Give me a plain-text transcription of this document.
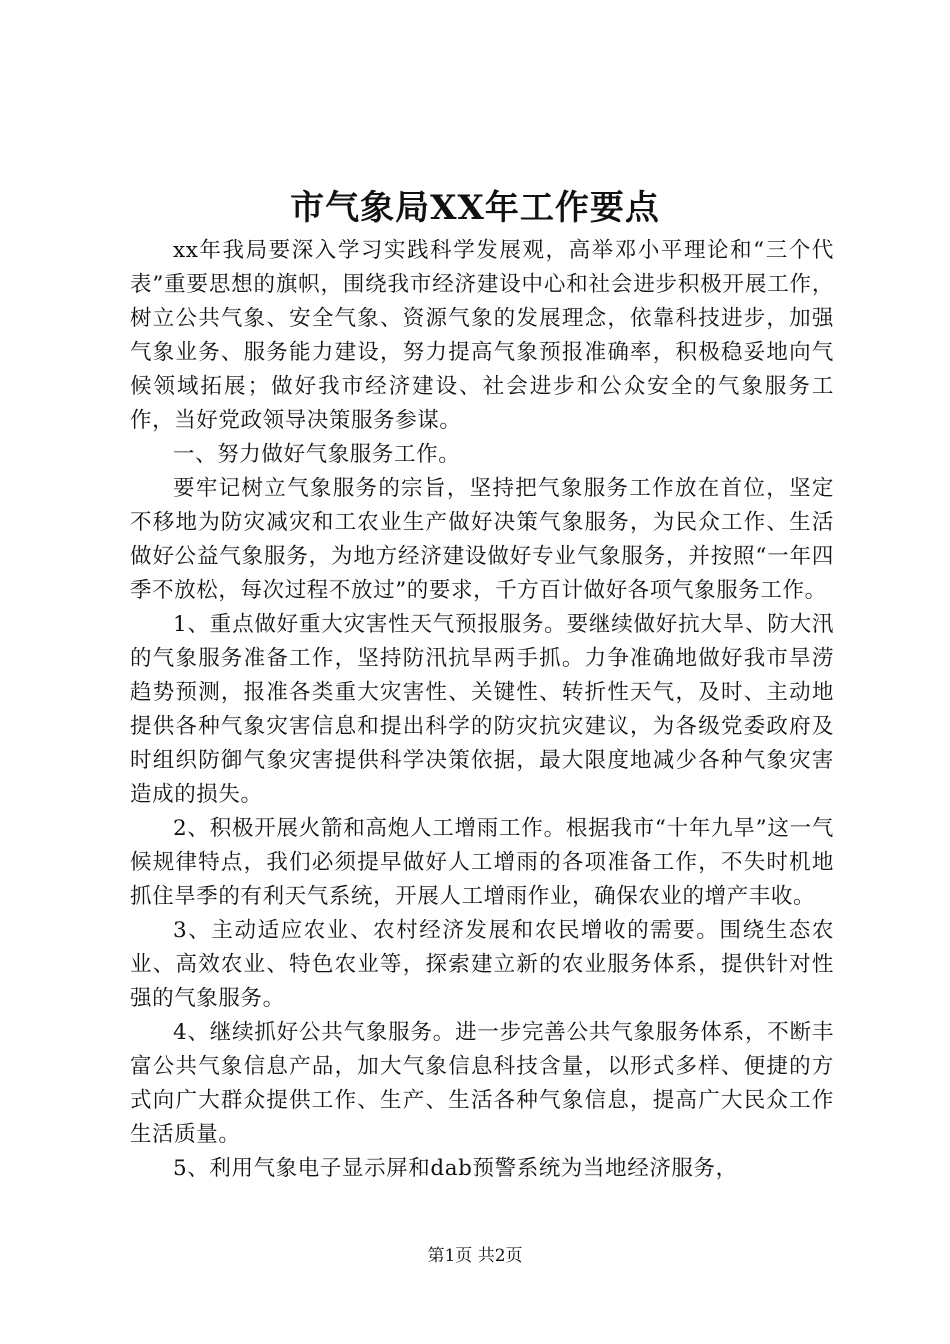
市气象局XX年工作要点

xx年我局要深入学习实践科学发展观，高举邓小平理论和“三个代表”重要思想的旗帜，围绕我市经济建设中心和社会进步积极开展工作，树立公共气象、安全气象、资源气象的发展理念，依靠科技进步，加强气象业务、服务能力建设，努力提高气象预报准确率，积极稳妥地向气候领域拓展；做好我市经济建设、社会进步和公众安全的气象服务工作，当好党政领导决策服务参谋。

一、努力做好气象服务工作。

要牢记树立气象服务的宗旨，坚持把气象服务工作放在首位，坚定不移地为防灾减灾和工农业生产做好决策气象服务，为民众工作、生活做好公益气象服务，为地方经济建设做好专业气象服务，并按照“一年四季不放松，每次过程不放过”的要求，千方百计做好各项气象服务工作。

1、重点做好重大灾害性天气预报服务。要继续做好抗大旱、防大汛的气象服务准备工作，坚持防汛抗旱两手抓。力争准确地做好我市旱涝趋势预测，报准各类重大灾害性、关键性、转折性天气，及时、主动地提供各种气象灾害信息和提出科学的防灾抗灾建议，为各级党委政府及时组织防御气象灾害提供科学决策依据，最大限度地减少各种气象灾害造成的损失。

2、积极开展火箭和高炮人工增雨工作。根据我市“十年九旱”这一气候规律特点，我们必须提早做好人工增雨的各项准备工作，不失时机地抓住旱季的有利天气系统，开展人工增雨作业，确保农业的增产丰收。

3、主动适应农业、农村经济发展和农民增收的需要。围绕生态农业、高效农业、特色农业等，探索建立新的农业服务体系，提供针对性强的气象服务。

4、继续抓好公共气象服务。进一步完善公共气象服务体系，不断丰富公共气象信息产品，加大气象信息科技含量，以形式多样、便捷的方式向广大群众提供工作、生产、生活各种气象信息，提高广大民众工作生活质量。

5、利用气象电子显示屏和dab预警系统为当地经济服务，

第1页 共2页
